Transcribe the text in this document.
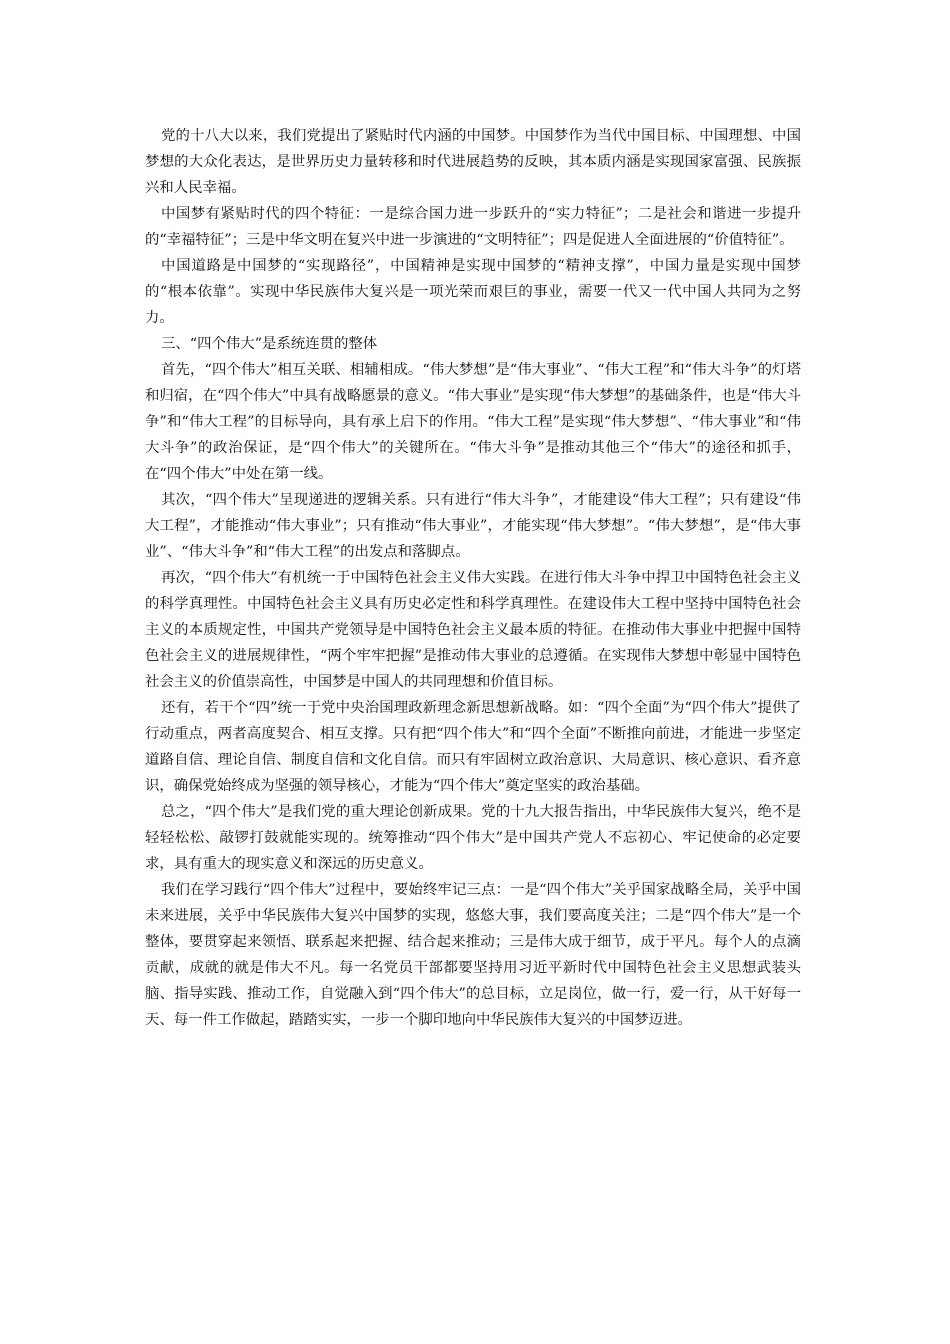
党的十八大以来，我们党提出了紧贴时代内涵的中国梦。中国梦作为当代中国目标、中国理想、中国梦想的大众化表达，是世界历史力量转移和时代进展趋势的反映，其本质内涵是实现国家富强、民族振兴和人民幸福。

中国梦有紧贴时代的四个特征：一是综合国力进一步跃升的“实力特征”；二是社会和谐进一步提升的“幸福特征”；三是中华文明在复兴中进一步演进的“文明特征”；四是促进人全面进展的“价值特征”。

中国道路是中国梦的“实现路径”，中国精神是实现中国梦的“精神支撑”，中国力量是实现中国梦的“根本依靠”。实现中华民族伟大复兴是一项光荣而艰巨的事业，需要一代又一代中国人共同为之努力。

三、“四个伟大”是系统连贯的整体

首先，“四个伟大”相互关联、相辅相成。“伟大梦想”是“伟大事业”、“伟大工程”和“伟大斗争”的灯塔和归宿，在“四个伟大”中具有战略愿景的意义。“伟大事业”是实现“伟大梦想”的基础条件，也是“伟大斗争”和“伟大工程”的目标导向，具有承上启下的作用。“伟大工程”是实现“伟大梦想”、“伟大事业”和“伟大斗争”的政治保证，是“四个伟大”的关键所在。“伟大斗争”是推动其他三个“伟大”的途径和抓手，在“四个伟大”中处在第一线。

其次，“四个伟大”呈现递进的逻辑关系。只有进行“伟大斗争”，才能建设“伟大工程”；只有建设“伟大工程”，才能推动“伟大事业”；只有推动“伟大事业”，才能实现“伟大梦想”。“伟大梦想”，是“伟大事业”、“伟大斗争”和“伟大工程”的出发点和落脚点。

再次，“四个伟大”有机统一于中国特色社会主义伟大实践。在进行伟大斗争中捍卫中国特色社会主义的科学真理性。中国特色社会主义具有历史必定性和科学真理性。在建设伟大工程中坚持中国特色社会主义的本质规定性，中国共产党领导是中国特色社会主义最本质的特征。在推动伟大事业中把握中国特色社会主义的进展规律性，“两个牢牢把握”是推动伟大事业的总遵循。在实现伟大梦想中彰显中国特色社会主义的价值崇高性，中国梦是中国人的共同理想和价值目标。

还有，若干个“四”统一于党中央治国理政新理念新思想新战略。如：“四个全面”为“四个伟大”提供了行动重点，两者高度契合、相互支撑。只有把“四个伟大”和“四个全面”不断推向前进，才能进一步坚定道路自信、理论自信、制度自信和文化自信。而只有牢固树立政治意识、大局意识、核心意识、看齐意识，确保党始终成为坚强的领导核心，才能为“四个伟大”奠定坚实的政治基础。

总之，“四个伟大”是我们党的重大理论创新成果。党的十九大报告指出，中华民族伟大复兴，绝不是轻轻松松、敲锣打鼓就能实现的。统筹推动“四个伟大”是中国共产党人不忘初心、牢记使命的必定要求，具有重大的现实意义和深远的历史意义。

我们在学习践行“四个伟大”过程中，要始终牢记三点：一是“四个伟大”关乎国家战略全局，关乎中国未来进展，关乎中华民族伟大复兴中国梦的实现，悠悠大事，我们要高度关注；二是“四个伟大”是一个整体，要贯穿起来领悟、联系起来把握、结合起来推动；三是伟大成于细节，成于平凡。每个人的点滴贡献，成就的就是伟大不凡。每一名党员干部都要坚持用习近平新时代中国特色社会主义思想武装头脑、指导实践、推动工作，自觉融入到“四个伟大”的总目标，立足岗位，做一行，爱一行，从干好每一天、每一件工作做起，踏踏实实，一步一个脚印地向中华民族伟大复兴的中国梦迈进。
